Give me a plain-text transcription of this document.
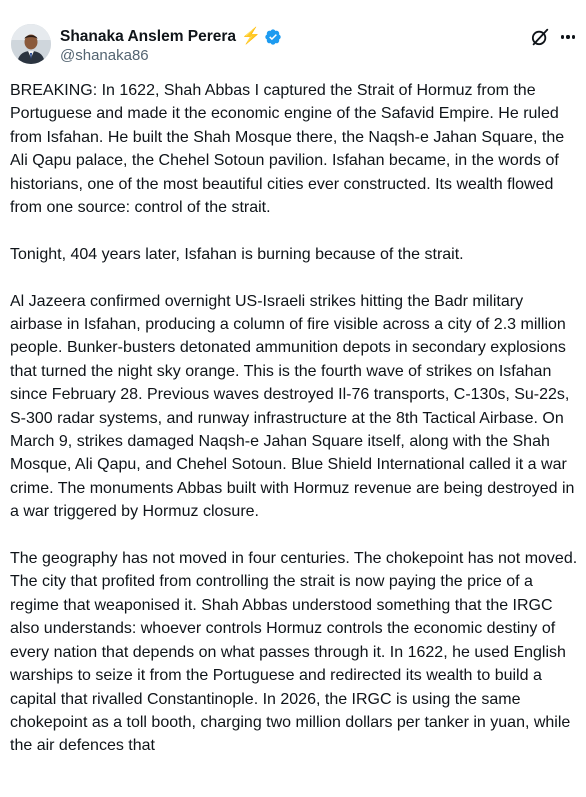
Shanaka Anslem Perera ⚡
@shanaka86

BREAKING: In 1622, Shah Abbas I captured the Strait of Hormuz from the Portuguese and made it the economic engine of the Safavid Empire. He ruled from Isfahan. He built the Shah Mosque there, the Naqsh-e Jahan Square, the Ali Qapu palace, the Chehel Sotoun pavilion. Isfahan became, in the words of historians, one of the most beautiful cities ever constructed. Its wealth flowed from one source: control of the strait.

Tonight, 404 years later, Isfahan is burning because of the strait.

Al Jazeera confirmed overnight US-Israeli strikes hitting the Badr military airbase in Isfahan, producing a column of fire visible across a city of 2.3 million people. Bunker-busters detonated ammunition depots in secondary explosions that turned the night sky orange. This is the fourth wave of strikes on Isfahan since February 28. Previous waves destroyed Il-76 transports, C-130s, Su-22s, S-300 radar systems, and runway infrastructure at the 8th Tactical Airbase. On March 9, strikes damaged Naqsh-e Jahan Square itself, along with the Shah Mosque, Ali Qapu, and Chehel Sotoun. Blue Shield International called it a war crime. The monuments Abbas built with Hormuz revenue are being destroyed in a war triggered by Hormuz closure.

The geography has not moved in four centuries. The chokepoint has not moved. The city that profited from controlling the strait is now paying the price of a regime that weaponised it. Shah Abbas understood something that the IRGC also understands: whoever controls Hormuz controls the economic destiny of every nation that depends on what passes through it. In 1622, he used English warships to seize it from the Portuguese and redirected its wealth to build a capital that rivalled Constantinople. In 2026, the IRGC is using the same chokepoint as a toll booth, charging two million dollars per tanker in yuan, while the air defences that
